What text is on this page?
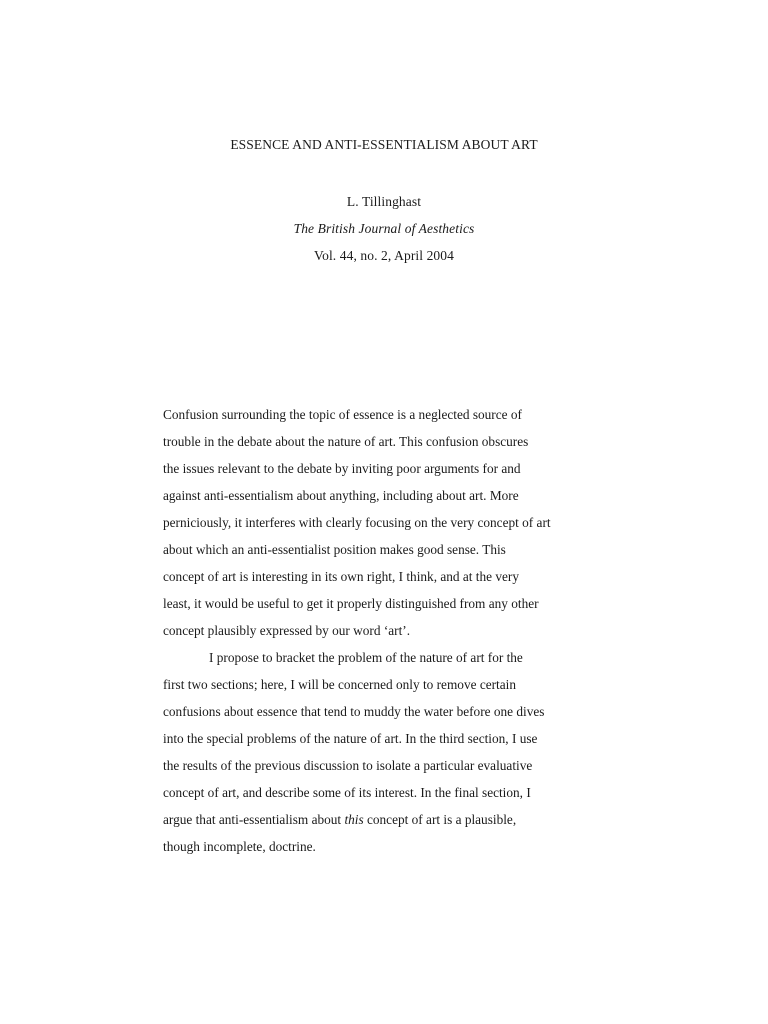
ESSENCE AND ANTI-ESSENTIALISM ABOUT ART
L. Tillinghast
The British Journal of Aesthetics
Vol. 44, no. 2, April 2004
Confusion surrounding the topic of essence is a neglected source of
trouble in the debate about the nature of art. This confusion obscures
the issues relevant to the debate by inviting poor arguments for and
against anti-essentialism about anything, including about art. More
perniciously, it interferes with clearly focusing on the very concept of art
about which an anti-essentialist position makes good sense. This
concept of art is interesting in its own right, I think, and at the very
least, it would be useful to get it properly distinguished from any other
concept plausibly expressed by our word ‘art’.
I propose to bracket the problem of the nature of art for the
first two sections; here, I will be concerned only to remove certain
confusions about essence that tend to muddy the water before one dives
into the special problems of the nature of art. In the third section, I use
the results of the previous discussion to isolate a particular evaluative
concept of art, and describe some of its interest. In the final section, I
argue that anti-essentialism about this concept of art is a plausible,
though incomplete, doctrine.
